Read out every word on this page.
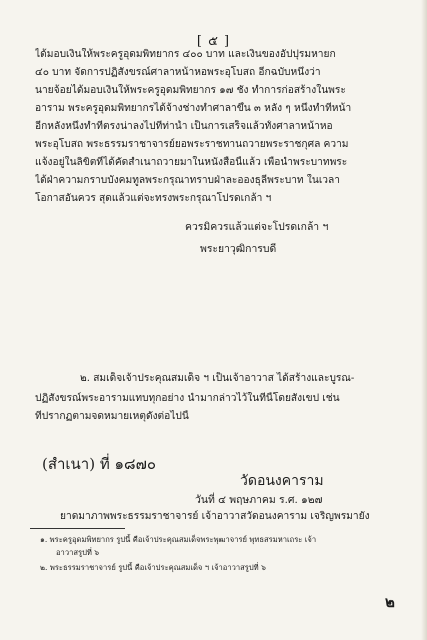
[ ๕ ]
ได้มอบเงินให้พระครูอุดมพิทยากร ๔๐๐ บาท และเงินของอัปปุรมหายก
๔๐ บาท จัดการปฏิสังขรณ์ศาลาหน้าหอพระอุโบสถ อีกฉบับหนึ่งว่า
นายจ้อยได้มอบเงินให้พระครูอุดมพิทยากร ๑๗ ชั่ง ทำการก่อสร้างในพระ
อาราม พระครูอุดมพิทยากรได้จ้างช่างทำศาลาขึ้น ๓ หลัง ๆ หนึ่งทำที่หน้า
อีกหลังหนึ่งทำที่ตรงน่าลงไปที่ท่าน้ำ เป็นการเสร็จแล้วทั้งศาลาหน้าหอ
พระอุโบสถ พระธรรมราชาจารย์ยอพระราชทานถวายพระราชกุศล ความ
แจ้งอยู่ในลิขิตที่ได้คัดสำเนาถวายมาในหนังสือนี้แล้ว เพื่อนำพระบาทพระ
ได้ฝ่าความกราบบังคมทูลพระกรุณาทราบฝ่าละอองธุลีพระบาท ในเวลา
โอกาสอันควร สุดแล้วแต่จะทรงพระกรุณาโปรดเกล้า ฯ
ควรมิควรแล้วแต่จะโปรดเกล้า ฯ
พระยาวุฒิการบดี
๒. สมเด็จเจ้าประคุณสมเด็จ ฯ เป็นเจ้าอาวาส ได้สร้างและบูรณ-
ปฏิสังขรณ์พระอารามแทบทุกอย่าง นำมากล่าวไว้ในที่นี้โดยสังเขป เช่น
ที่ปรากฏตามจดหมายเหตุดังต่อไปนี้
(สำเนา) ที่ ๑๘๗๐
วัดอนงคาราม
วันที่ ๔ พฤษภาคม ร.ศ. ๑๒๗
ยาดมาภาพพระธรรมราชาจารย์ เจ้าอาวาสวัดอนงคาราม เจริญพรมายัง
๑. พระครูอุดมพิทยากร รูปนี้ คือเจ้าประคุณสมเด็จพระพุฒาจารย์ พุทธสรมหาเถระ เจ้า
อาวาสรูปที่ ๖
๒. พระธรรมราชาจารย์ รูปนี้ คือเจ้าประคุณสมเด็จ ฯ เจ้าอาวาสรูปที่ ๖
๒
